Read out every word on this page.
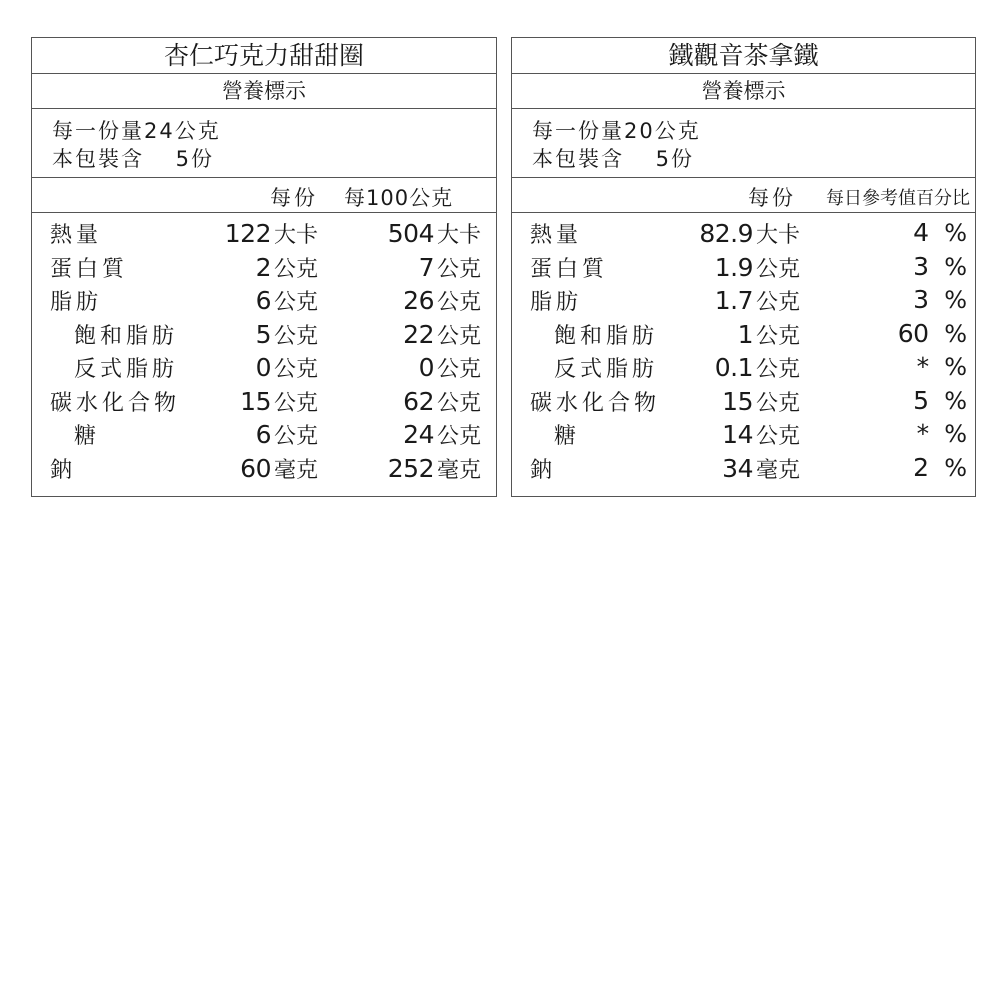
杏仁巧克力甜甜圈
營養標示
每一份量24公克
本包裝含　 5份
每份 每100公克
熱量	122 大卡	504 大卡
蛋白質	2 公克	7 公克
脂肪	6 公克	26 公克
飽和脂肪	5 公克	22 公克
反式脂肪	0 公克	0 公克
碳水化合物 15 公克	62 公克
糖	6 公克	24 公克
鈉	60 毫克	252 毫克
鐵觀音茶拿鐵
營養標示
每一份量20公克
本包裝含　 5份
每份 每日參考值百分比
熱量	82.9 大卡	4 %
蛋白質	1.9 公克	3 %
脂肪	1.7 公克	3 %
飽和脂肪	1 公克	60 %
反式脂肪 0.1 公克	* %
碳水化合物 15 公克	5 %
糖	14 公克	* %
鈉	34 毫克	2 %
